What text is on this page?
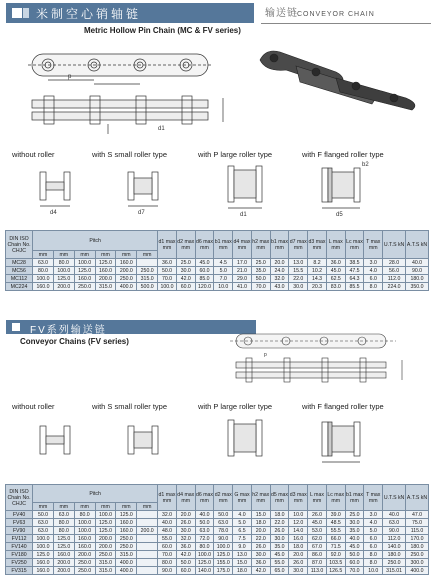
米制空心销轴链	输送链 CONVEYOR CHAIN
Metric Hollow Pin Chain (MC & FV series)
p
d1
without roller	with S small roller type	with P large roller type	with F flanged roller type
d4	d7	d1	d5
b2
DIN ISO Chain No. CHJC	Pitch						d1 max mm	d2 max mm	d6 max mm	b1 max mm	d4 max mm	h2 max mm	b1 max mm	d7 max mm	d3 max mm	L max mm	Lc max mm	T max mm	U.T.S kN	A.T.S kN
	mm	mm	mm	mm	mm	mm														
MC28	63.0	80.0	100.0	125.0	160.0		36.0	25.0	45.0	4.5	17.0	25.0	20.0	13.0	8.2	36.0	38.5	3.0	28.0	40.0
MC56	80.0	100.0	125.0	160.0	200.0	250.0	50.0	30.0	60.0	5.0	21.0	35.0	24.0	15.5	10.2	45.0	47.5	4.0	56.0	90.0
MC112	100.0	125.0	160.0	200.0	250.0	315.0	70.0	42.0	85.0	7.0	29.0	50.0	32.0	22.0	14.3	62.5	64.3	6.0	112.0	180.0
MC224	160.0	200.0	250.0	315.0	400.0	500.0	100.0	60.0	120.0	10.0	41.0	70.0	43.0	30.0	20.3	83.0	85.5	8.0	224.0	350.0
FV系列输送链
Conveyor Chains (FV series)
p
without roller	with S small roller type	with P large roller type	with F flanged roller type
DIN ISO Chain No. CHJC	Pitch						d1 max mm	d4 max mm	d6 max mm	d2 max mm	G max mm	h2 max mm	d5 max mm	d3 max mm	L max mm	Lc max mm	b1 max mm	T max mm	U.T.S kN	A.T.S kN
	mm	mm	mm	mm	mm	mm														
FV40	50.0	63.0	80.0	100.0	125.0		32.0	20.0	40.0	50.0	4.0	15.0	18.0	10.0	26.0	39.0	25.0	3.0	40.0	47.0
FV63	63.0	80.0	100.0	125.0	160.0		40.0	26.0	50.0	63.0	5.0	18.0	22.0	12.0	45.0	48.5	30.0	4.0	63.0	75.0
FV90	63.0	80.0	100.0	125.0	160.0	200.0	48.0	30.0	63.0	78.0	6.5	20.0	26.0	14.0	53.0	55.5	35.0	5.0	90.0	115.0
FV112	100.0	125.0	160.0	200.0	250.0		55.0	32.0	72.0	90.0	7.5	22.0	30.0	16.0	62.0	66.0	40.0	6.0	112.0	170.0
FV140	100.0	125.0	160.0	200.0	250.0		60.0	36.0	80.0	100.0	9.0	26.0	35.0	18.0	67.0	71.5	45.0	6.0	140.0	180.0
FV180	125.0	160.0	200.0	250.0	315.0		70.0	42.0	100.0	125.0	13.0	30.0	45.0	20.0	86.0	92.0	50.0	8.0	180.0	250.0
FV250	160.0	200.0	250.0	315.0	400.0		80.0	50.0	125.0	155.0	15.0	36.0	55.0	26.0	87.0	103.5	60.0	8.0	250.0	300.0
FV315	160.0	200.0	250.0	315.0	400.0		90.0	60.0	140.0	175.0	18.0	42.0	65.0	30.0	113.0	126.5	70.0	10.0	315.01	400.0
